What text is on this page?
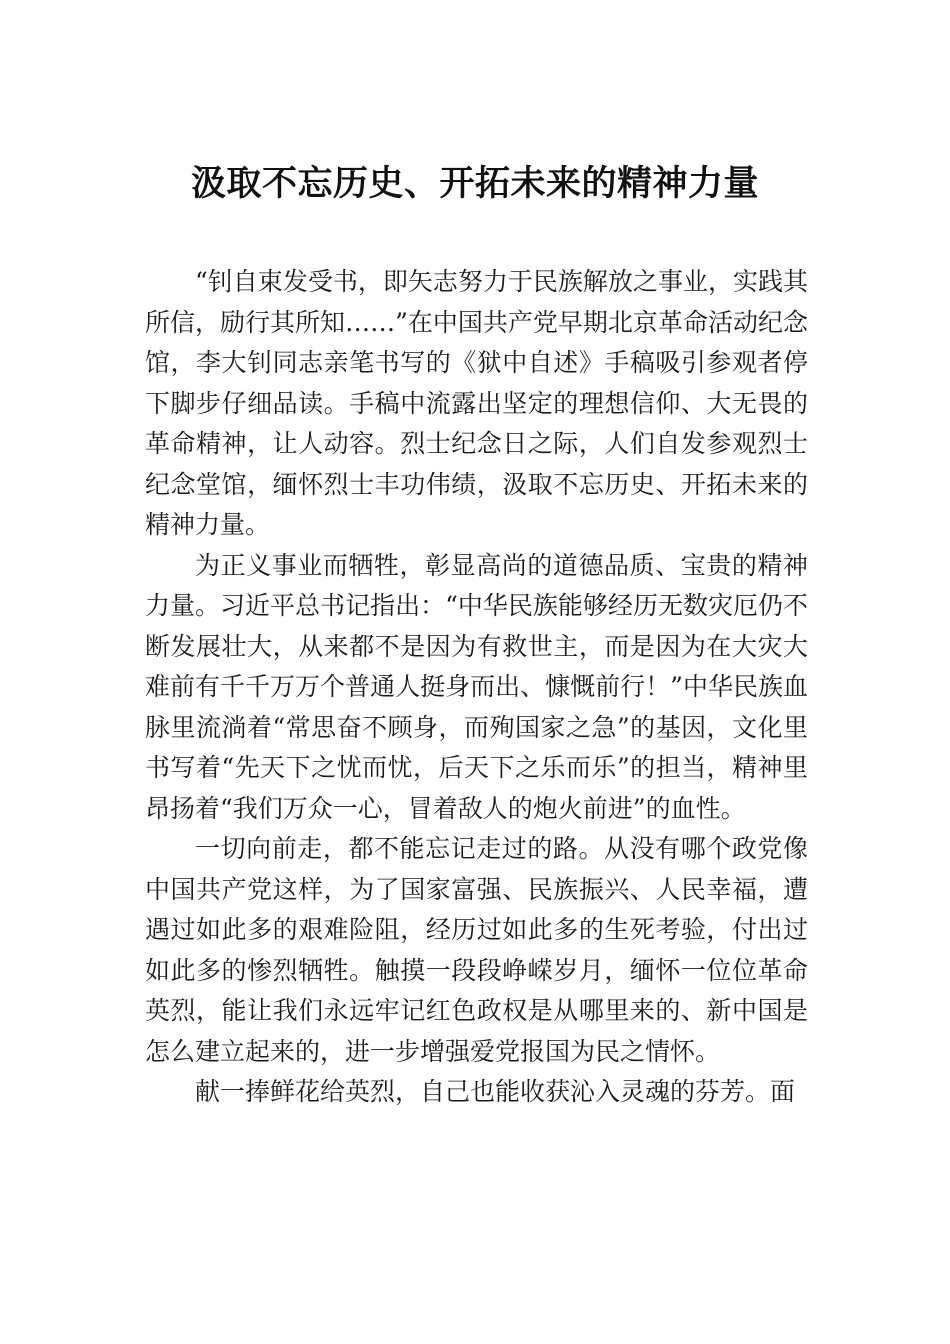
汲取不忘历史、开拓未来的精神力量

“钊自束发受书，即矢志努力于民族解放之事业，实践其所信，励行其所知……”在中国共产党早期北京革命活动纪念馆，李大钊同志亲笔书写的《狱中自述》手稿吸引参观者停下脚步仔细品读。手稿中流露出坚定的理想信仰、大无畏的革命精神，让人动容。烈士纪念日之际，人们自发参观烈士纪念堂馆，缅怀烈士丰功伟绩，汲取不忘历史、开拓未来的精神力量。

为正义事业而牺牲，彰显高尚的道德品质、宝贵的精神力量。习近平总书记指出：“中华民族能够经历无数灾厄仍不断发展壮大，从来都不是因为有救世主，而是因为在大灾大难前有千千万万个普通人挺身而出、慷慨前行！”中华民族血脉里流淌着“常思奋不顾身，而殉国家之急”的基因，文化里书写着“先天下之忧而忧，后天下之乐而乐”的担当，精神里昂扬着“我们万众一心，冒着敌人的炮火前进”的血性。

一切向前走，都不能忘记走过的路。从没有哪个政党像中国共产党这样，为了国家富强、民族振兴、人民幸福，遭遇过如此多的艰难险阻，经历过如此多的生死考验，付出过如此多的惨烈牺牲。触摸一段段峥嵘岁月，缅怀一位位革命英烈，能让我们永远牢记红色政权是从哪里来的、新中国是怎么建立起来的，进一步增强爱党报国为民之情怀。

献一捧鲜花给英烈，自己也能收获沁入灵魂的芬芳。面
